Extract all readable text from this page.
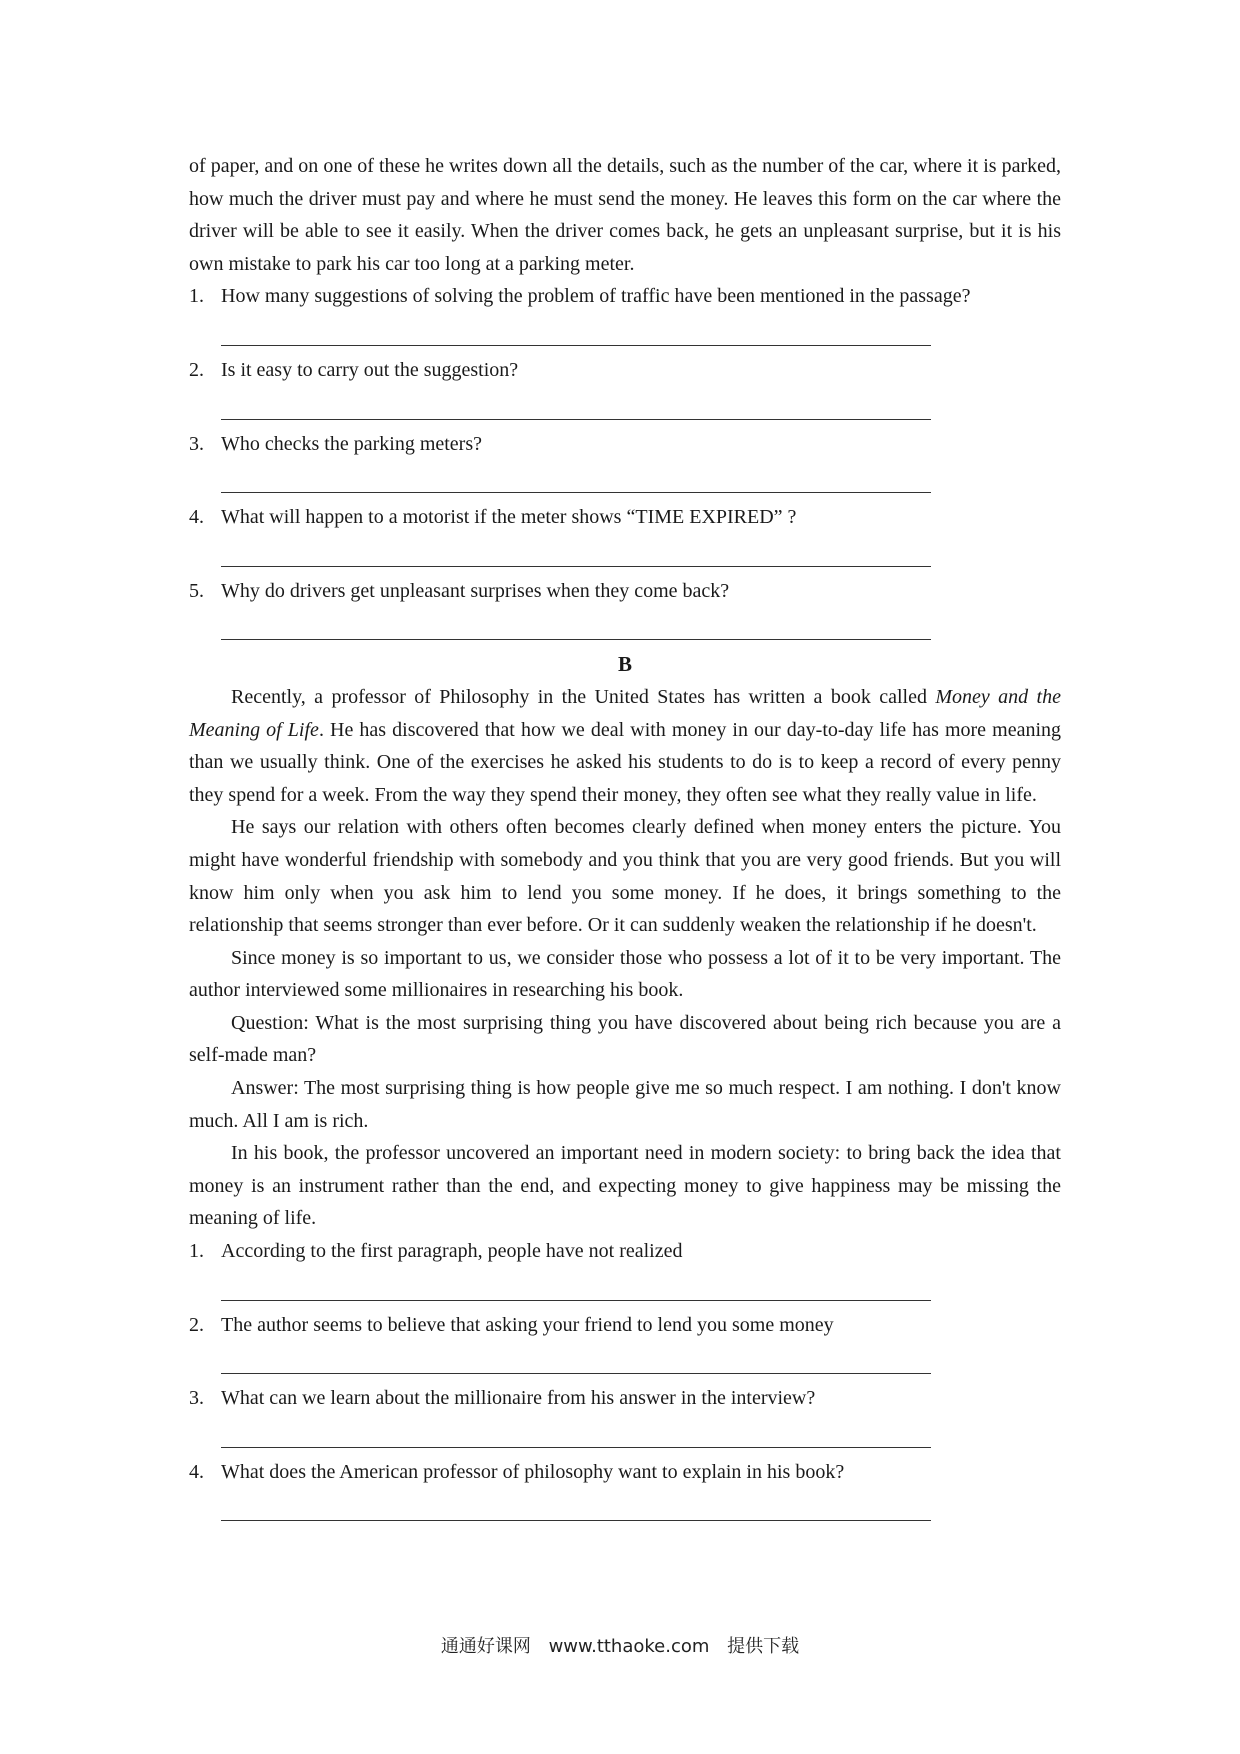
of paper, and on one of these he writes down all the details, such as the number of the car, where it is parked, how much the driver must pay and where he must send the money. He leaves this form on the car where the driver will be able to see it easily. When the driver comes back, he gets an unpleasant surprise, but it is his own mistake to park his car too long at a parking meter.

1. How many suggestions of solving the problem of traffic have been mentioned in the passage?

2. Is it easy to carry out the suggestion?

3. Who checks the parking meters?

4. What will happen to a motorist if the meter shows “TIME EXPIRED” ?

5. Why do drivers get unpleasant surprises when they come back?

B

Recently, a professor of Philosophy in the United States has written a book called Money and the Meaning of Life. He has discovered that how we deal with money in our day-to-day life has more meaning than we usually think. One of the exercises he asked his students to do is to keep a record of every penny they spend for a week. From the way they spend their money, they often see what they really value in life.

He says our relation with others often becomes clearly defined when money enters the picture. You might have wonderful friendship with somebody and you think that you are very good friends. But you will know him only when you ask him to lend you some money. If he does, it brings something to the relationship that seems stronger than ever before. Or it can suddenly weaken the relationship if he doesn't.

Since money is so important to us, we consider those who possess a lot of it to be very important. The author interviewed some millionaires in researching his book.

Question: What is the most surprising thing you have discovered about being rich because you are a self-made man?

Answer: The most surprising thing is how people give me so much respect. I am nothing. I don't know much. All I am is rich.

In his book, the professor uncovered an important need in modern society: to bring back the idea that money is an instrument rather than the end, and expecting money to give happiness may be missing the meaning of life.

1. According to the first paragraph, people have not realized

2. The author seems to believe that asking your friend to lend you some money

3. What can we learn about the millionaire from his answer in the interview?

4. What does the American professor of philosophy want to explain in his book?

通通好课网 www.tthaoke.com 提供下载
